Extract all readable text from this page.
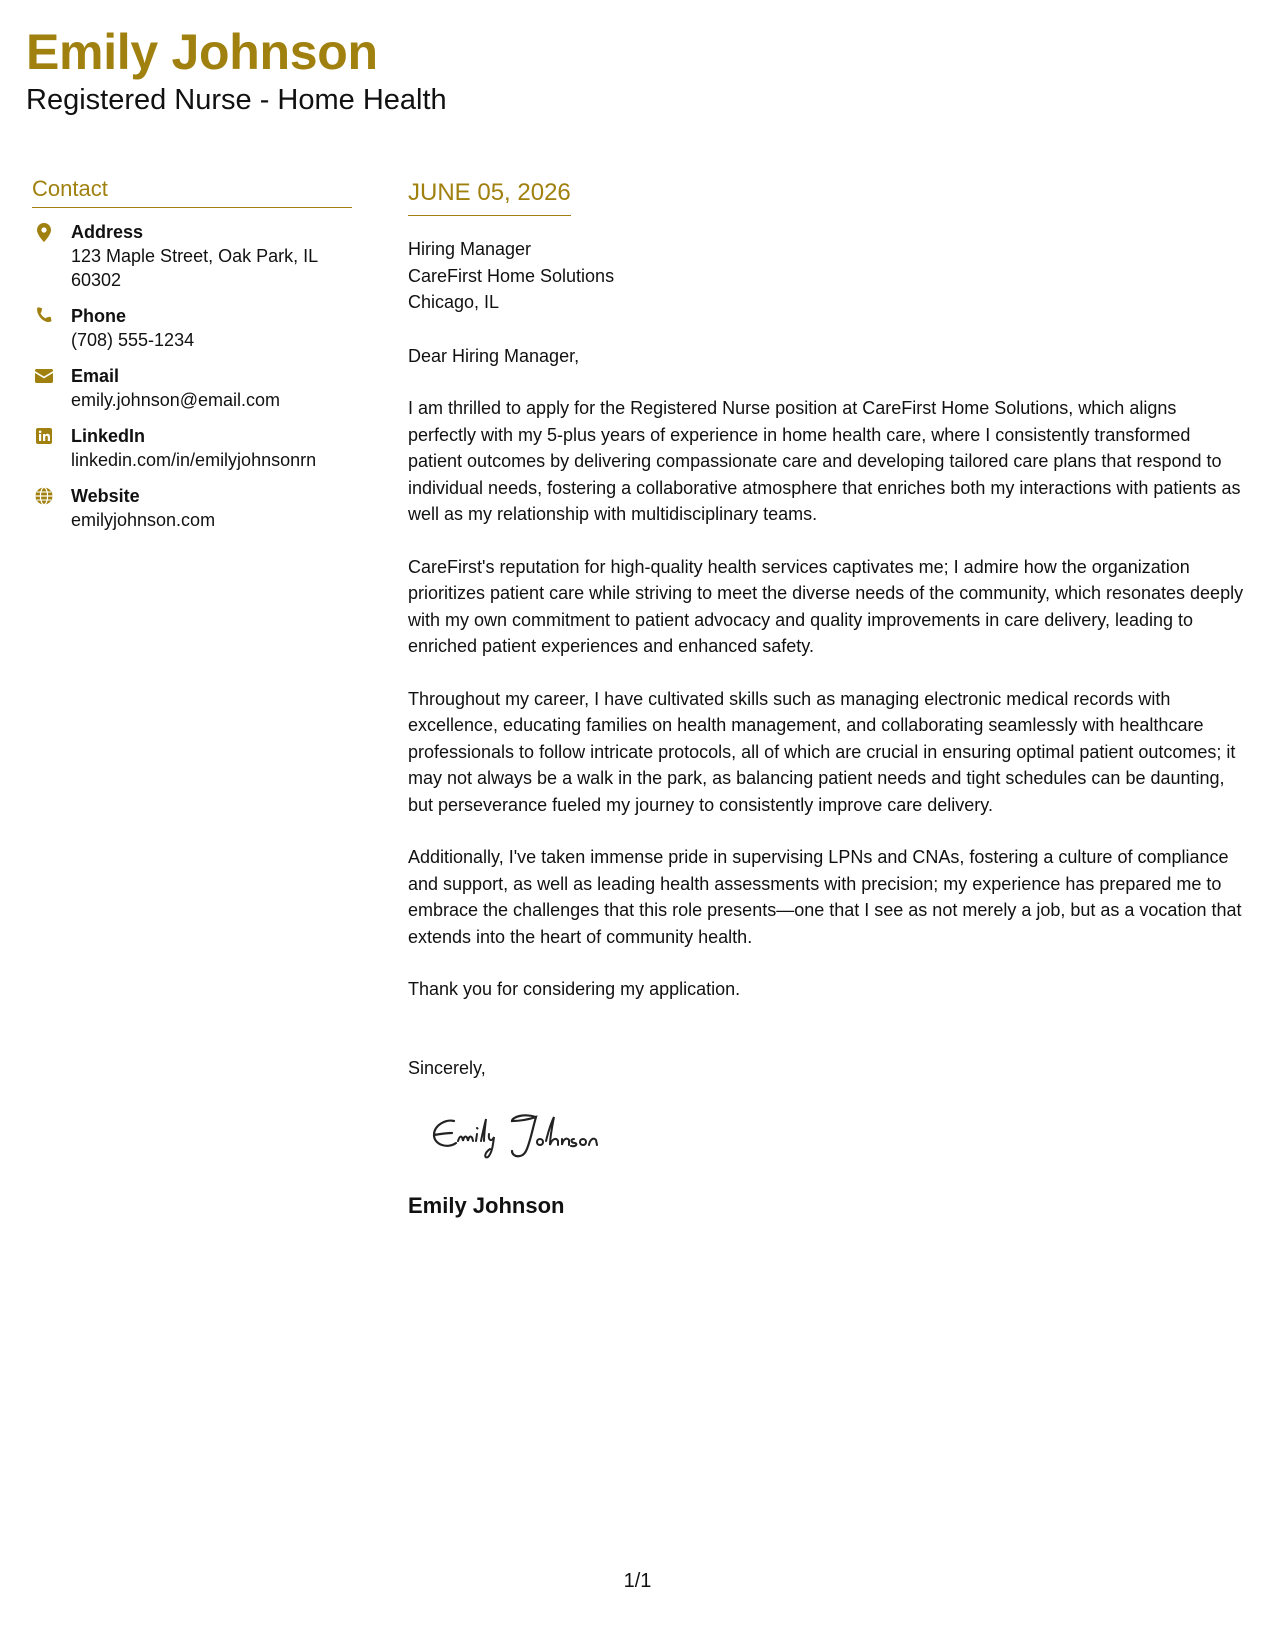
Emily Johnson
Registered Nurse - Home Health
Contact
Address
123 Maple Street, Oak Park, IL 60302
Phone
(708) 555-1234
Email
emily.johnson@email.com
LinkedIn
linkedin.com/in/emilyjohnsonrn
Website
emilyjohnson.com
JUNE 05, 2026
Hiring Manager
CareFirst Home Solutions
Chicago, IL
Dear Hiring Manager,
I am thrilled to apply for the Registered Nurse position at CareFirst Home Solutions, which aligns perfectly with my 5-plus years of experience in home health care, where I consistently transformed patient outcomes by delivering compassionate care and developing tailored care plans that respond to individual needs, fostering a collaborative atmosphere that enriches both my interactions with patients as well as my relationship with multidisciplinary teams.
CareFirst's reputation for high-quality health services captivates me; I admire how the organization prioritizes patient care while striving to meet the diverse needs of the community, which resonates deeply with my own commitment to patient advocacy and quality improvements in care delivery, leading to enriched patient experiences and enhanced safety.
Throughout my career, I have cultivated skills such as managing electronic medical records with excellence, educating families on health management, and collaborating seamlessly with healthcare professionals to follow intricate protocols, all of which are crucial in ensuring optimal patient outcomes; it may not always be a walk in the park, as balancing patient needs and tight schedules can be daunting, but perseverance fueled my journey to consistently improve care delivery.
Additionally, I've taken immense pride in supervising LPNs and CNAs, fostering a culture of compliance and support, as well as leading health assessments with precision; my experience has prepared me to embrace the challenges that this role presents—one that I see as not merely a job, but as a vocation that extends into the heart of community health.
Thank you for considering my application.
Sincerely,
Emily Johnson
1/1
